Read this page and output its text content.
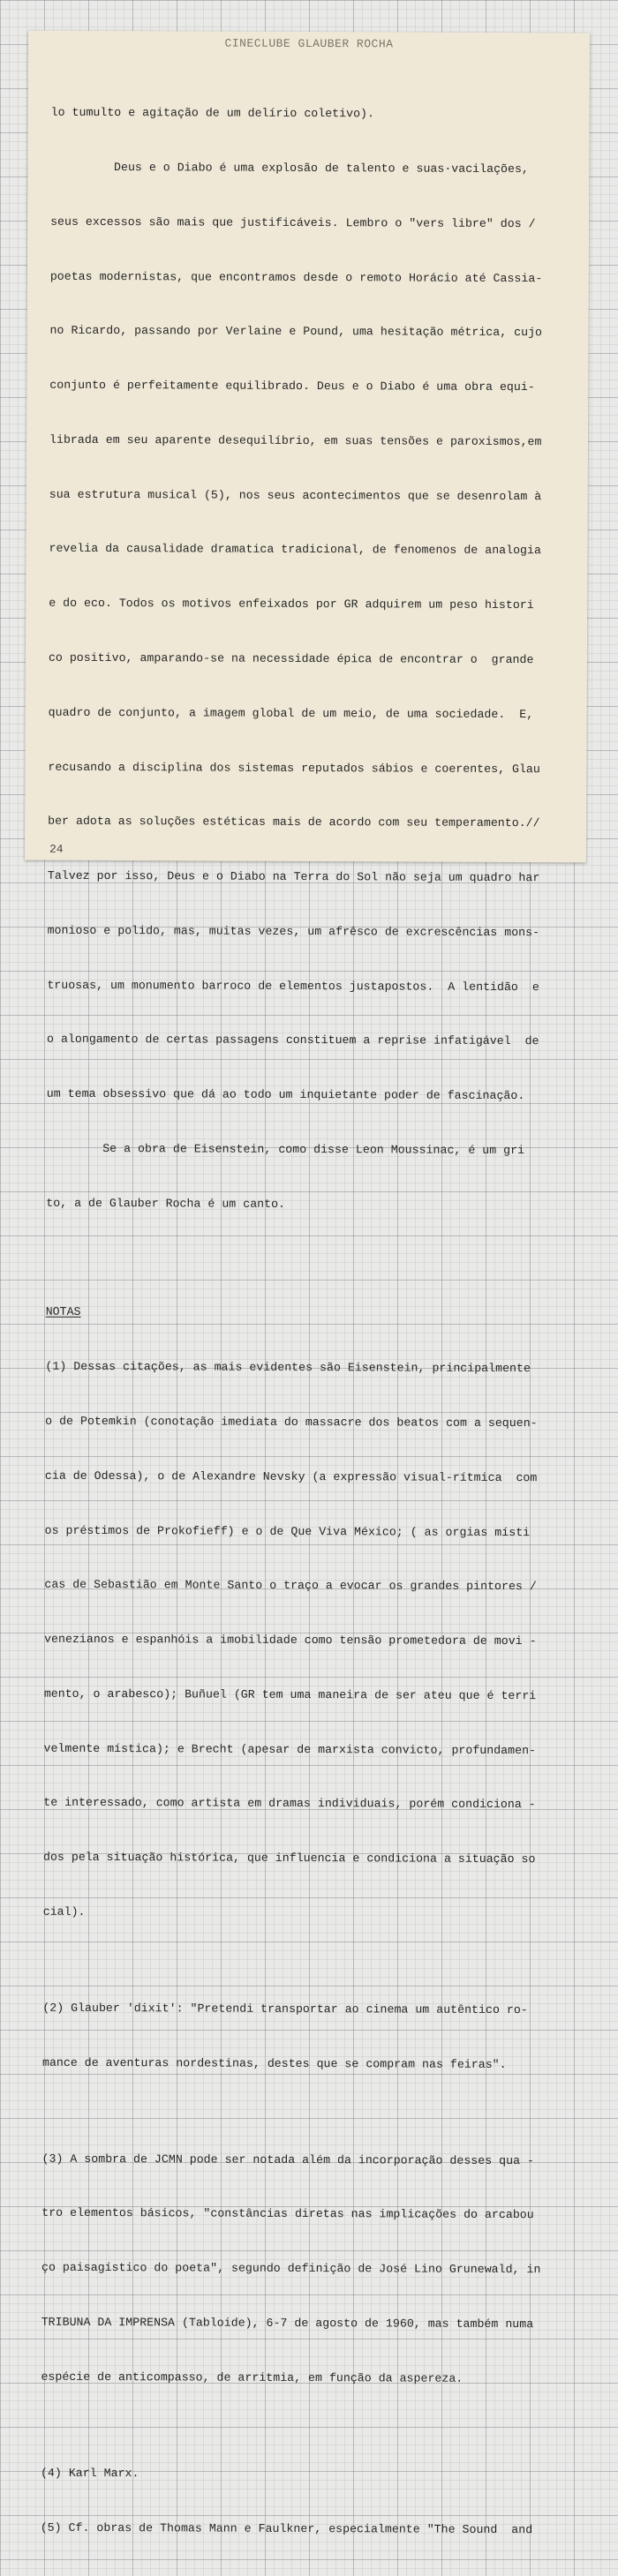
CINECLUBE GLAUBER ROCHA

lo tumulto e agitação de um delírio coletivo).

Deus e o Diabo é uma explosão de talento e suas·vacilações,

seus excessos são mais que justificáveis. Lembro o "vers libre" dos /

poetas modernistas, que encontramos desde o remoto Horácio até Cassia-

no Ricardo, passando por Verlaine e Pound, uma hesitação métrica, cujo

conjunto é perfeitamente equilibrado. Deus e o Diabo é uma obra equi-

librada em seu aparente desequilíbrio, em suas tensões e paroxismos,em

sua estrutura musical (5), nos seus acontecimentos que se desenrolam à

revelia da causalidade dramatica tradicional, de fenomenos de analogia

e do eco. Todos os motivos enfeixados por GR adquirem um peso histori

co positivo, amparando-se na necessidade épica de encontrar o  grande

quadro de conjunto, a imagem global de um meio, de uma sociedade.  E,

recusando a disciplina dos sistemas reputados sábios e coerentes, Glau

ber adota as soluções estéticas mais de acordo com seu temperamento.//

Talvez por isso, Deus e o Diabo na Terra do Sol não seja um quadro har

monioso e polido, mas, muitas vezes, um afrêsco de excrescências mons-

truosas, um monumento barroco de elementos justapostos.  A lentidão  e

o alongamento de certas passagens constituem a reprise infatigável  de

um tema obsessivo que dá ao todo um inquietante poder de fascinação.

Se a obra de Eisenstein, como disse Leon Moussinac, é um gri

to, a de Glauber Rocha é um canto.

NOTAS

(1) Dessas citações, as mais evidentes são Eisenstein, principalmente

o de Potemkin (conotação imediata do massacre dos beatos com a sequen-

cia de Odessa), o de Alexandre Nevsky (a expressão visual-rítmica  com

os préstimos de Prokofieff) e o de Que Viva México; ( as orgias místi

cas de Sebastião em Monte Santo o traço a evocar os grandes pintores /

venezianos e espanhóis a imobilidade como tensão prometedora de movi -

mento, o arabesco); Buñuel (GR tem uma maneira de ser ateu que é terri

velmente mística); e Brecht (apesar de marxista convicto, profundamen-

te interessado, como artista em dramas individuais, porém condiciona -

dos pela situação histórica, que influencia e condiciona a situação so

cial).

(2) Glauber 'dixit': "Pretendi transportar ao cinema um autêntico ro-

mance de aventuras nordestinas, destes que se compram nas feiras".

(3) A sombra de JCMN pode ser notada além da incorporação desses qua -

tro elementos básicos, "constâncias diretas nas implicações do arcabou

ço paisagístico do poeta", segundo definição de José Lino Grunewald, in

TRIBUNA DA IMPRENSA (Tabloide), 6-7 de agosto de 1960, mas também numa

espécie de anticompasso, de arritmia, em função da aspereza.

(4) Karl Marx.

(5) Cf. obras de Thomas Mann e Faulkner, especialmente "The Sound  and

24
